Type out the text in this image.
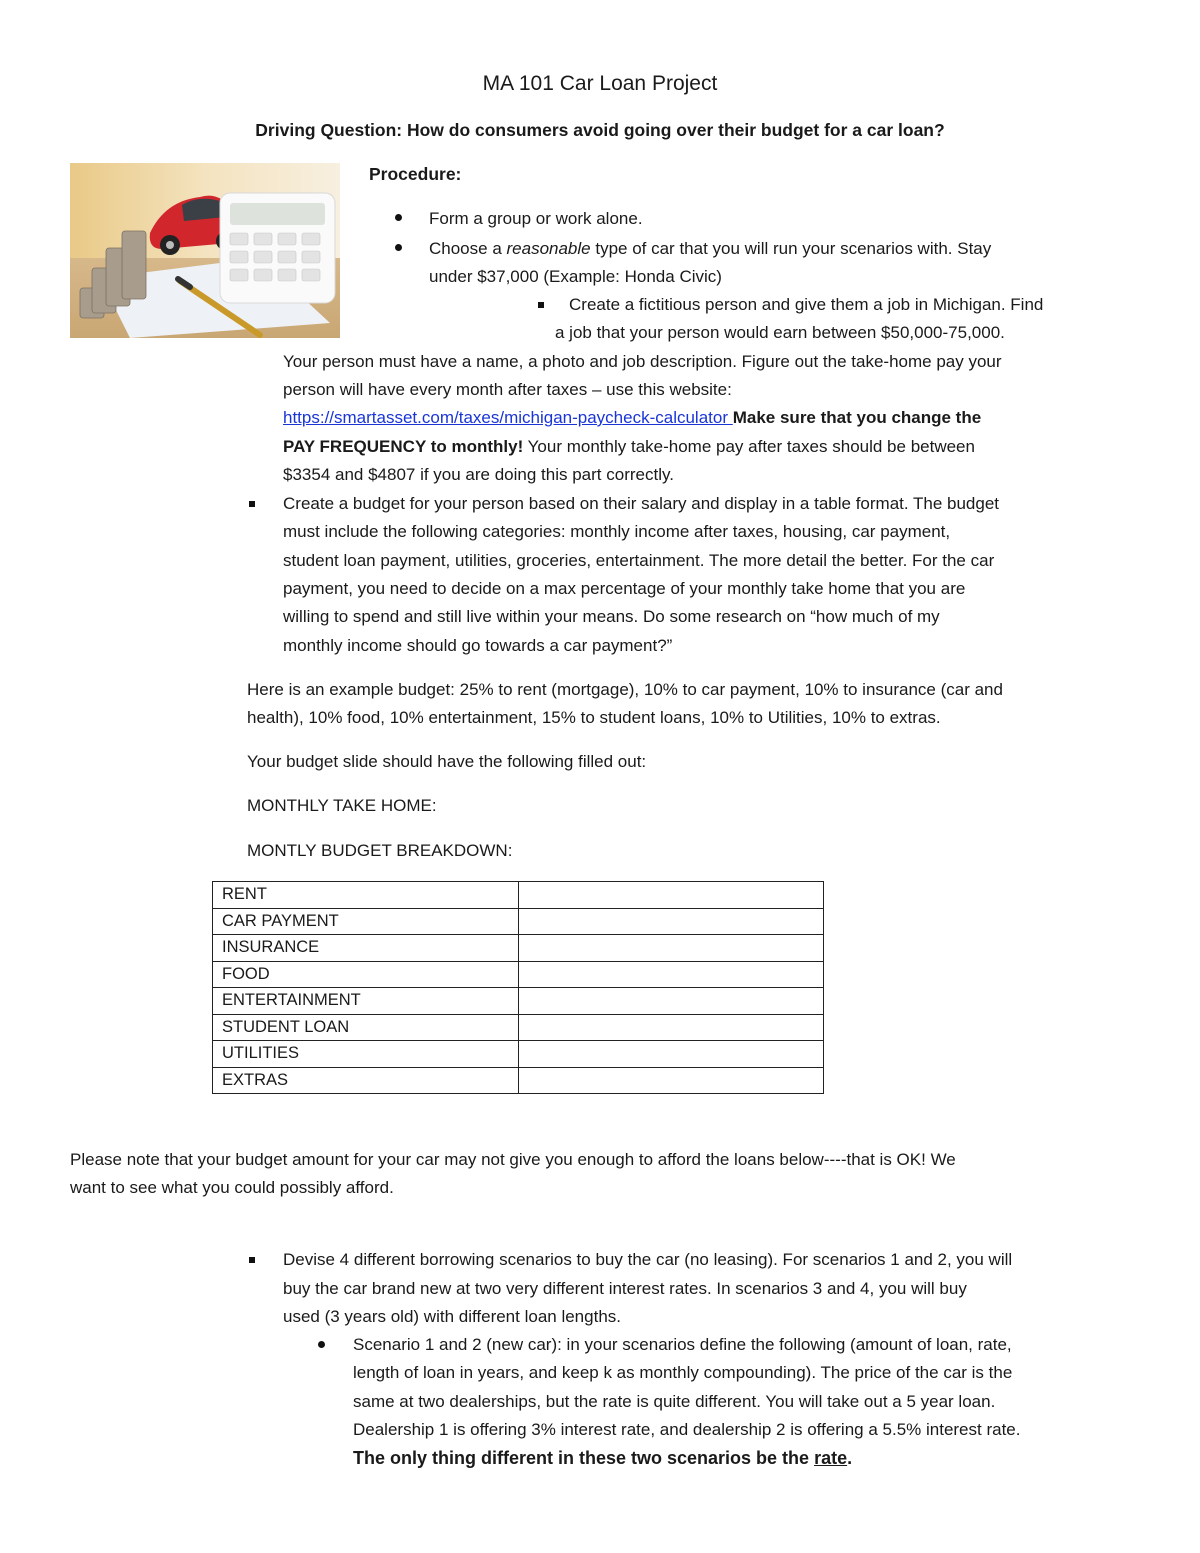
MA 101 Car Loan Project
Driving Question: How do consumers avoid going over their budget for a car loan?
Procedure:
Form a group or work alone.
Choose a reasonable type of car that you will run your scenarios with. Stay
under $37,000 (Example: Honda Civic)
Create a fictitious person and give them a job in Michigan. Find
a job that your person would earn between $50,000-75,000.
Your person must have a name, a photo and job description. Figure out the take-home pay your
person will have every month after taxes – use this website:
https://smartasset.com/taxes/michigan-paycheck-calculator Make sure that you change the
PAY FREQUENCY to monthly! Your monthly take-home pay after taxes should be between
$3354 and $4807 if you are doing this part correctly.
Create a budget for your person based on their salary and display in a table format. The budget
must include the following categories: monthly income after taxes, housing, car payment,
student loan payment, utilities, groceries, entertainment. The more detail the better. For the car
payment, you need to decide on a max percentage of your monthly take home that you are
willing to spend and still live within your means. Do some research on “how much of my
monthly income should go towards a car payment?”
Here is an example budget: 25% to rent (mortgage), 10% to car payment, 10% to insurance (car and
health), 10% food, 10% entertainment, 15% to student loans, 10% to Utilities, 10% to extras.
Your budget slide should have the following filled out:
MONTHLY TAKE HOME:
MONTLY BUDGET BREAKDOWN:
RENT	
CAR PAYMENT	
INSURANCE	
FOOD	
ENTERTAINMENT	
STUDENT LOAN	
UTILITIES	
EXTRAS	
Please note that your budget amount for your car may not give you enough to afford the loans below----that is OK! We
want to see what you could possibly afford.
Devise 4 different borrowing scenarios to buy the car (no leasing). For scenarios 1 and 2, you will
buy the car brand new at two very different interest rates. In scenarios 3 and 4, you will buy
used (3 years old) with different loan lengths.
Scenario 1 and 2 (new car): in your scenarios define the following (amount of loan, rate,
length of loan in years, and keep k as monthly compounding). The price of the car is the
same at two dealerships, but the rate is quite different. You will take out a 5 year loan.
Dealership 1 is offering 3% interest rate, and dealership 2 is offering a 5.5% interest rate.
The only thing different in these two scenarios be the rate.
